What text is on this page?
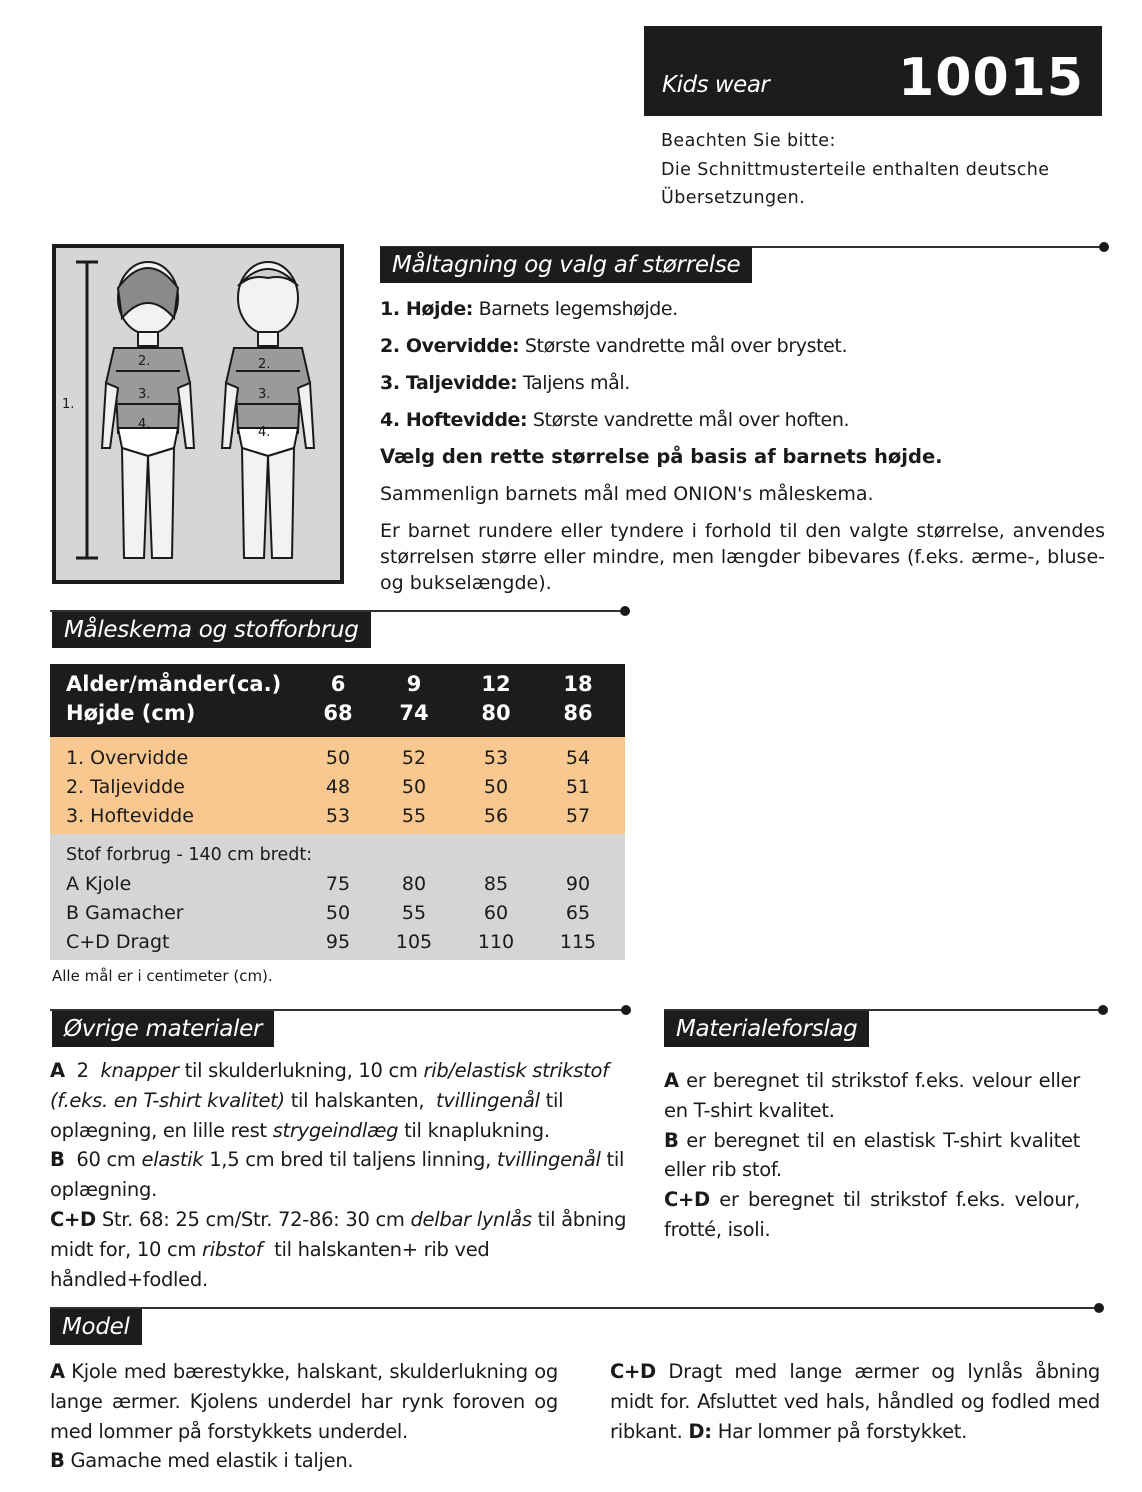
Kids wear 10015
Beachten Sie bitte:
Die Schnittmusterteile enthalten deutsche
Übersetzungen.
1.
2.
3.
4.
2.
3.
4.
Måltagning og valg af størrelse

1. Højde: Barnets legemshøjde.

2. Overvidde: Største vandrette mål over brystet.

3. Taljevidde: Taljens mål.

4. Hoftevidde: Største vandrette mål over hoften.

Vælg den rette størrelse på basis af barnets højde.

Sammenlign barnets mål med ONION's måleskema.

Er barnet rundere eller tyndere i forhold til den valgte størrelse, anvendes størrelsen større eller mindre, men længder bibevares (f.eks. ærme-, bluse- og bukselængde).

Måleskema og stofforbrug
Alder/månder(ca.)	6	9	12	18
Højde (cm)	68	74	80	86
1. Overvidde	50	52	53	54
2. Taljevidde	48	50	50	51
3. Hoftevidde	53	55	56	57
Stof forbrug - 140 cm bredt:
A Kjole	75	80	85	90
B Gamacher	50	55	60	65
C+D Dragt	95	105 110 115
Alle mål er i centimeter (cm).
Øvrige materialer

A  2  knapper til skulderlukning, 10 cm rib/elastisk strikstof (f.eks. en T-shirt kvalitet) til halskanten,  tvillingenål til oplægning, en lille rest strygeindlæg til knaplukning.

B  60 cm elastik 1,5 cm bred til taljens linning, tvillingenål til oplægning.

C+D Str. 68: 25 cm/Str. 72-86: 30 cm delbar lynlås til åbning midt for, 10 cm ribstof  til halskanten+ rib ved håndled+fodled.

Materialeforslag

A er beregnet til strikstof f.eks. velour eller en T-shirt kvalitet.

B er beregnet til en elastisk T-shirt kvalitet eller rib stof.

C+D er beregnet til strikstof f.eks. velour, frotté, isoli.

Model

A Kjole med bærestykke, halskant, skulderlukning og lange ærmer. Kjolens underdel har rynk foroven og med lommer på forstykkets underdel.

B Gamache med elastik i taljen.

C+D Dragt med lange ærmer og lynlås åbning midt for. Afsluttet ved hals, håndled og fodled med ribkant. D: Har lommer på forstykket.
